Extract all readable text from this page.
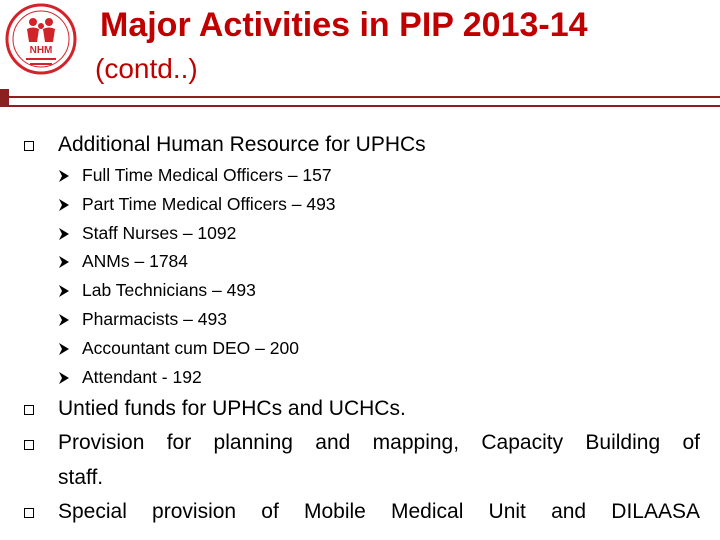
NHM
Major Activities in PIP 2013-14
(contd..)
Additional Human Resource for UPHCs
Full Time Medical Officers – 157
Part Time Medical Officers – 493
Staff Nurses – 1092
ANMs – 1784
Lab Technicians – 493
Pharmacists – 493
Accountant cum DEO – 200
Attendant - 192
Untied funds for UPHCs and UCHCs.
Provision for planning and mapping, Capacity Building of
staff.
Special provision of Mobile Medical Unit and DILAASA
